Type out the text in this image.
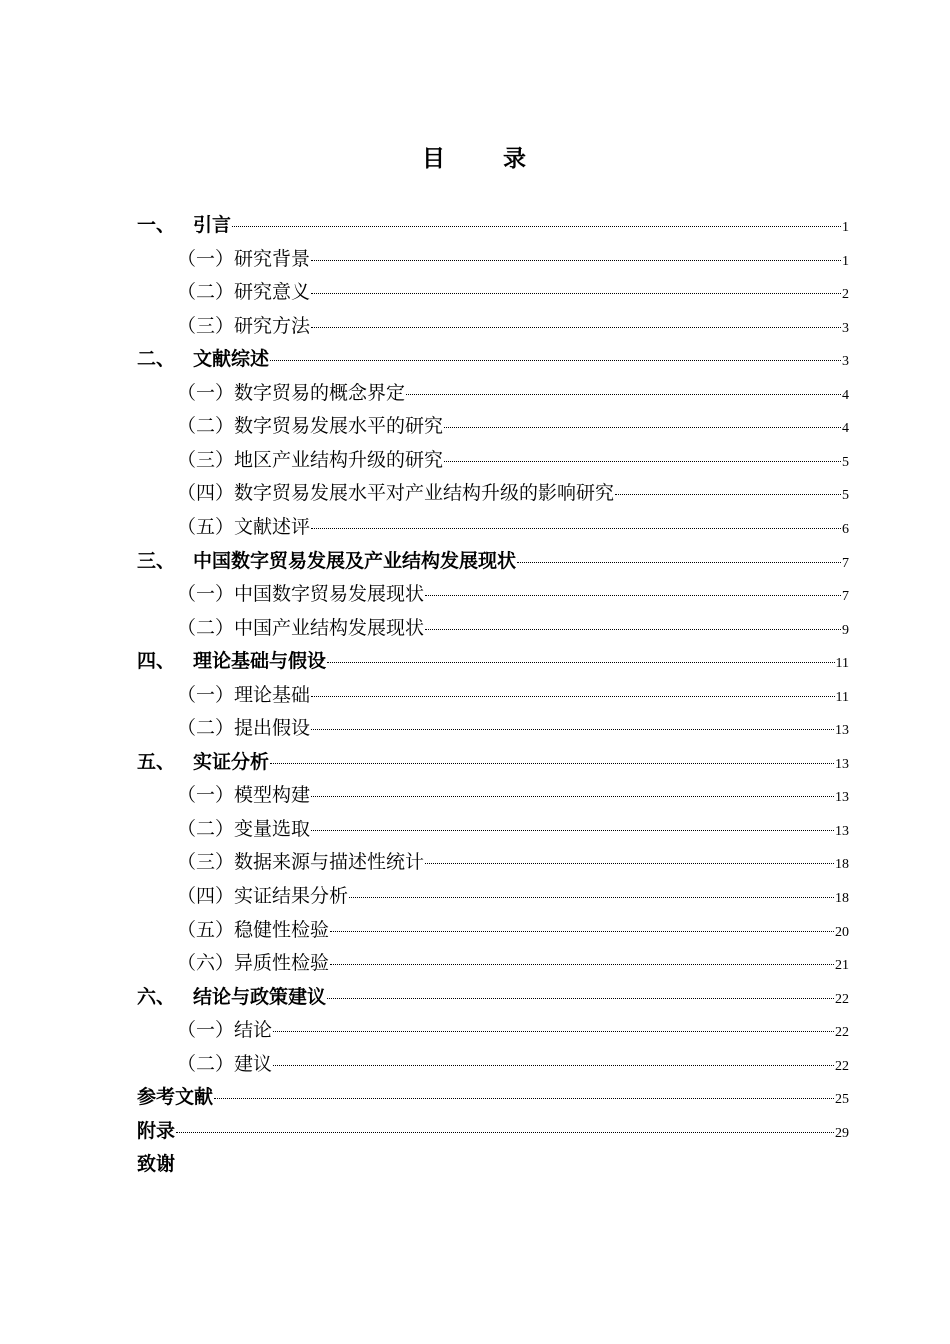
目 录
一、 引言	1
（一）研究背景	1
（二）研究意义	2
（三）研究方法	3
二、 文献综述	3
（一）数字贸易的概念界定	4
（二）数字贸易发展水平的研究	4
（三）地区产业结构升级的研究	5
（四）数字贸易发展水平对产业结构升级的影响研究	5
（五）文献述评	6
三、 中国数字贸易发展及产业结构发展现状	7
（一）中国数字贸易发展现状	7
（二）中国产业结构发展现状	9
四、 理论基础与假设	11
（一）理论基础	11
（二）提出假设	13
五、 实证分析	13
（一）模型构建	13
（二）变量选取	13
（三）数据来源与描述性统计	18
（四）实证结果分析	18
（五）稳健性检验	20
（六）异质性检验	21
六、 结论与政策建议	22
（一）结论	22
（二）建议	22
参考文献	25
附录	29
致谢
